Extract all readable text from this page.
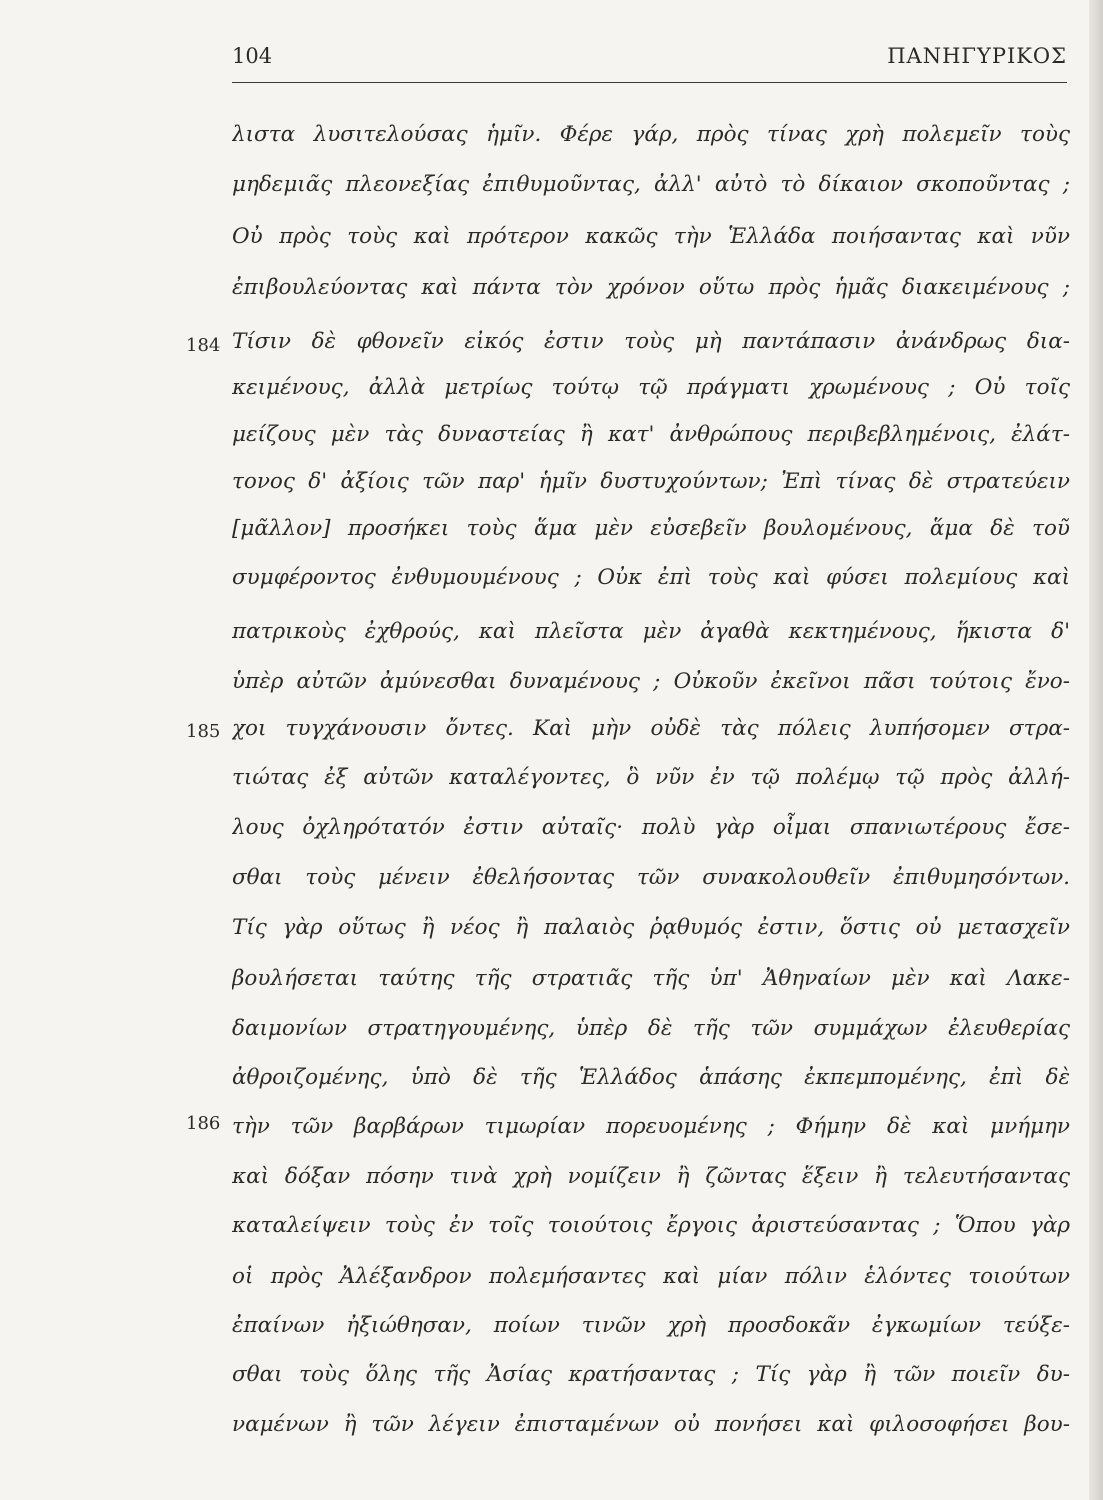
104	ΠΑΝΗΓΥΡΙΚΟΣ
184
185
186
λιστα λυσιτελούσας ἡμῖν. Φέρε γάρ, πρὸς τίνας χρὴ πολεμεῖν τοὺς
μηδεμιᾶς πλεονεξίας ἐπιθυμοῦντας, ἀλλ' αὐτὸ τὸ δίκαιον σκοποῦντας ;
Οὐ πρὸς τοὺς καὶ πρότερον κακῶς τὴν Ἑλλάδα ποιήσαντας καὶ νῦν
ἐπιβουλεύοντας καὶ πάντα τὸν χρόνον οὕτω πρὸς ἡμᾶς διακειμένους ;
Τίσιν δὲ φθονεῖν εἰκός ἐστιν τοὺς μὴ παντάπασιν ἀνάνδρως δια-
κειμένους, ἀλλὰ μετρίως τούτῳ τῷ πράγματι χρωμένους ; Οὐ τοῖς
μείζους μὲν τὰς δυναστείας ἢ κατ' ἀνθρώπους περιβεβλημένοις, ἐλάτ-
τονος δ' ἀξίοις τῶν παρ' ἡμῖν δυστυχούντων; Ἐπὶ τίνας δὲ στρατεύειν
[μᾶλλον] προσήκει τοὺς ἅμα μὲν εὐσεβεῖν βουλομένους, ἅμα δὲ τοῦ
συμφέροντος ἐνθυμουμένους ; Οὐκ ἐπὶ τοὺς καὶ φύσει πολεμίους καὶ
πατρικοὺς ἐχθρούς, καὶ πλεῖστα μὲν ἀγαθὰ κεκτημένους, ἥκιστα δ'
ὑπὲρ αὐτῶν ἀμύνεσθαι δυναμένους ; Οὐκοῦν ἐκεῖνοι πᾶσι τούτοις ἔνο-
χοι τυγχάνουσιν ὄντες. Καὶ μὴν οὐδὲ τὰς πόλεις λυπήσομεν στρα-
τιώτας ἐξ αὐτῶν καταλέγοντες, ὃ νῦν ἐν τῷ πολέμῳ τῷ πρὸς ἀλλή-
λους ὀχληρότατόν ἐστιν αὐταῖς· πολὺ γὰρ οἶμαι σπανιωτέρους ἔσε-
σθαι τοὺς μένειν ἐθελήσοντας τῶν συνακολουθεῖν ἐπιθυμησόντων.
Τίς γὰρ οὕτως ἢ νέος ἢ παλαιὸς ῥᾳθυμός ἐστιν, ὅστις οὐ μετασχεῖν
βουλήσεται ταύτης τῆς στρατιᾶς τῆς ὑπ' Ἀθηναίων μὲν καὶ Λακε-
δαιμονίων στρατηγουμένης, ὑπὲρ δὲ τῆς τῶν συμμάχων ἐλευθερίας
ἀθροιζομένης, ὑπὸ δὲ τῆς Ἑλλάδος ἁπάσης ἐκπεμπομένης, ἐπὶ δὲ
τὴν τῶν βαρβάρων τιμωρίαν πορευομένης ; Φήμην δὲ καὶ μνήμην
καὶ δόξαν πόσην τινὰ χρὴ νομίζειν ἢ ζῶντας ἕξειν ἢ τελευτήσαντας
καταλείψειν τοὺς ἐν τοῖς τοιούτοις ἔργοις ἀριστεύσαντας ; Ὅπου γὰρ
οἱ πρὸς Ἀλέξανδρον πολεμήσαντες καὶ μίαν πόλιν ἑλόντες τοιούτων
ἐπαίνων ἠξιώθησαν, ποίων τινῶν χρὴ προσδοκᾶν ἐγκωμίων τεύξε-
σθαι τοὺς ὅλης τῆς Ἀσίας κρατήσαντας ; Τίς γὰρ ἢ τῶν ποιεῖν δυ-
ναμένων ἢ τῶν λέγειν ἐπισταμένων οὐ πονήσει καὶ φιλοσοφήσει βου-
